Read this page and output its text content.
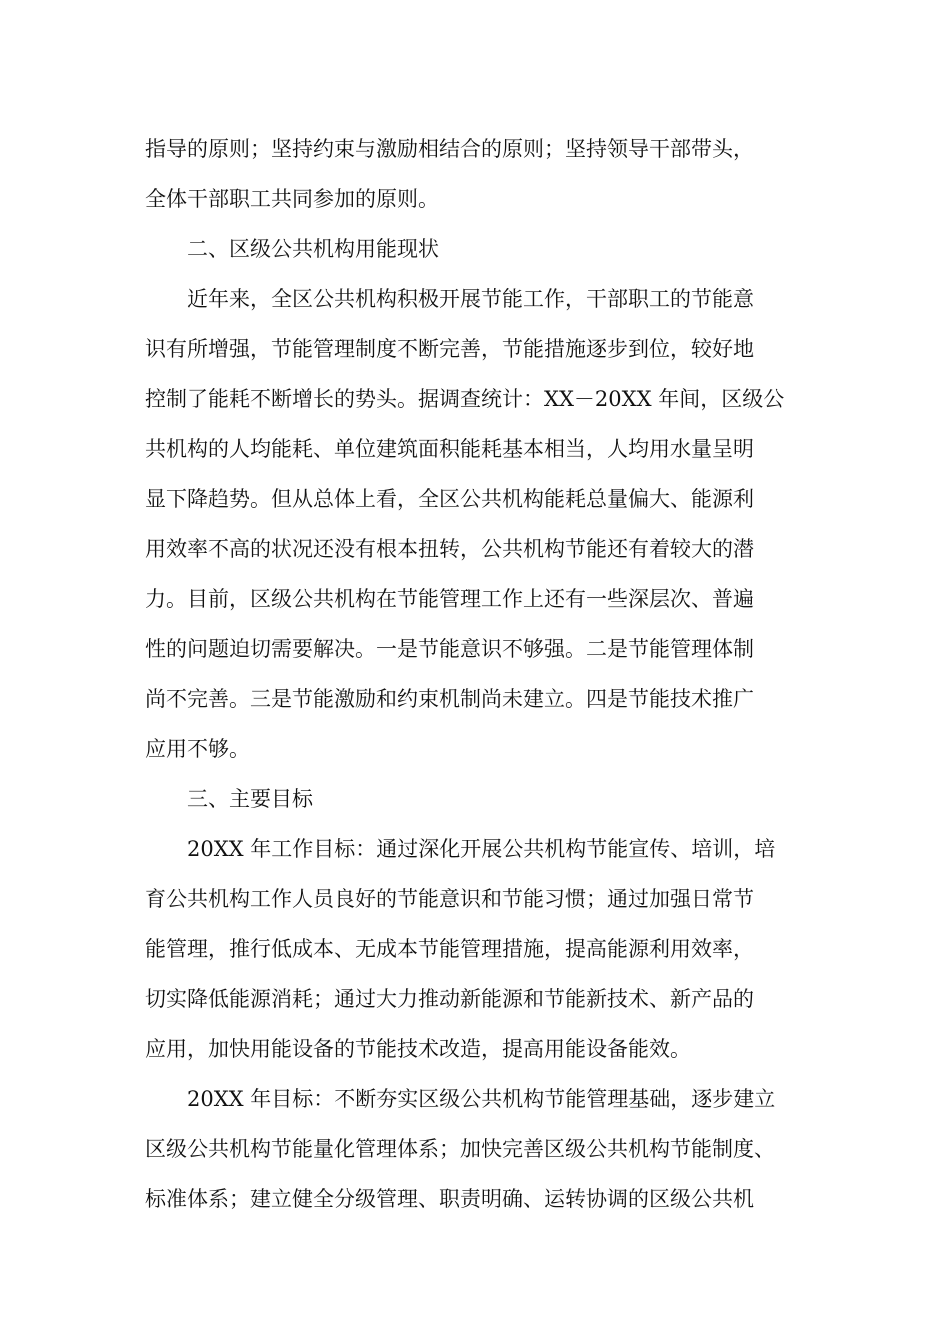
指导的原则；坚持约束与激励相结合的原则；坚持领导干部带头，
全体干部职工共同参加的原则。
　　二、区级公共机构用能现状
　　近年来，全区公共机构积极开展节能工作，干部职工的节能意
识有所增强，节能管理制度不断完善，节能措施逐步到位，较好地
控制了能耗不断增长的势头。据调查统计：XX－20XX 年间，区级公
共机构的人均能耗、单位建筑面积能耗基本相当，人均用水量呈明
显下降趋势。但从总体上看，全区公共机构能耗总量偏大、能源利
用效率不高的状况还没有根本扭转，公共机构节能还有着较大的潜
力。目前，区级公共机构在节能管理工作上还有一些深层次、普遍
性的问题迫切需要解决。一是节能意识不够强。二是节能管理体制
尚不完善。三是节能激励和约束机制尚未建立。四是节能技术推广
应用不够。
　　三、主要目标
　　20XX 年工作目标：通过深化开展公共机构节能宣传、培训，培
育公共机构工作人员良好的节能意识和节能习惯；通过加强日常节
能管理，推行低成本、无成本节能管理措施，提高能源利用效率，
切实降低能源消耗；通过大力推动新能源和节能新技术、新产品的
应用，加快用能设备的节能技术改造，提高用能设备能效。
　　20XX 年目标：不断夯实区级公共机构节能管理基础，逐步建立
区级公共机构节能量化管理体系；加快完善区级公共机构节能制度、
标准体系；建立健全分级管理、职责明确、运转协调的区级公共机
